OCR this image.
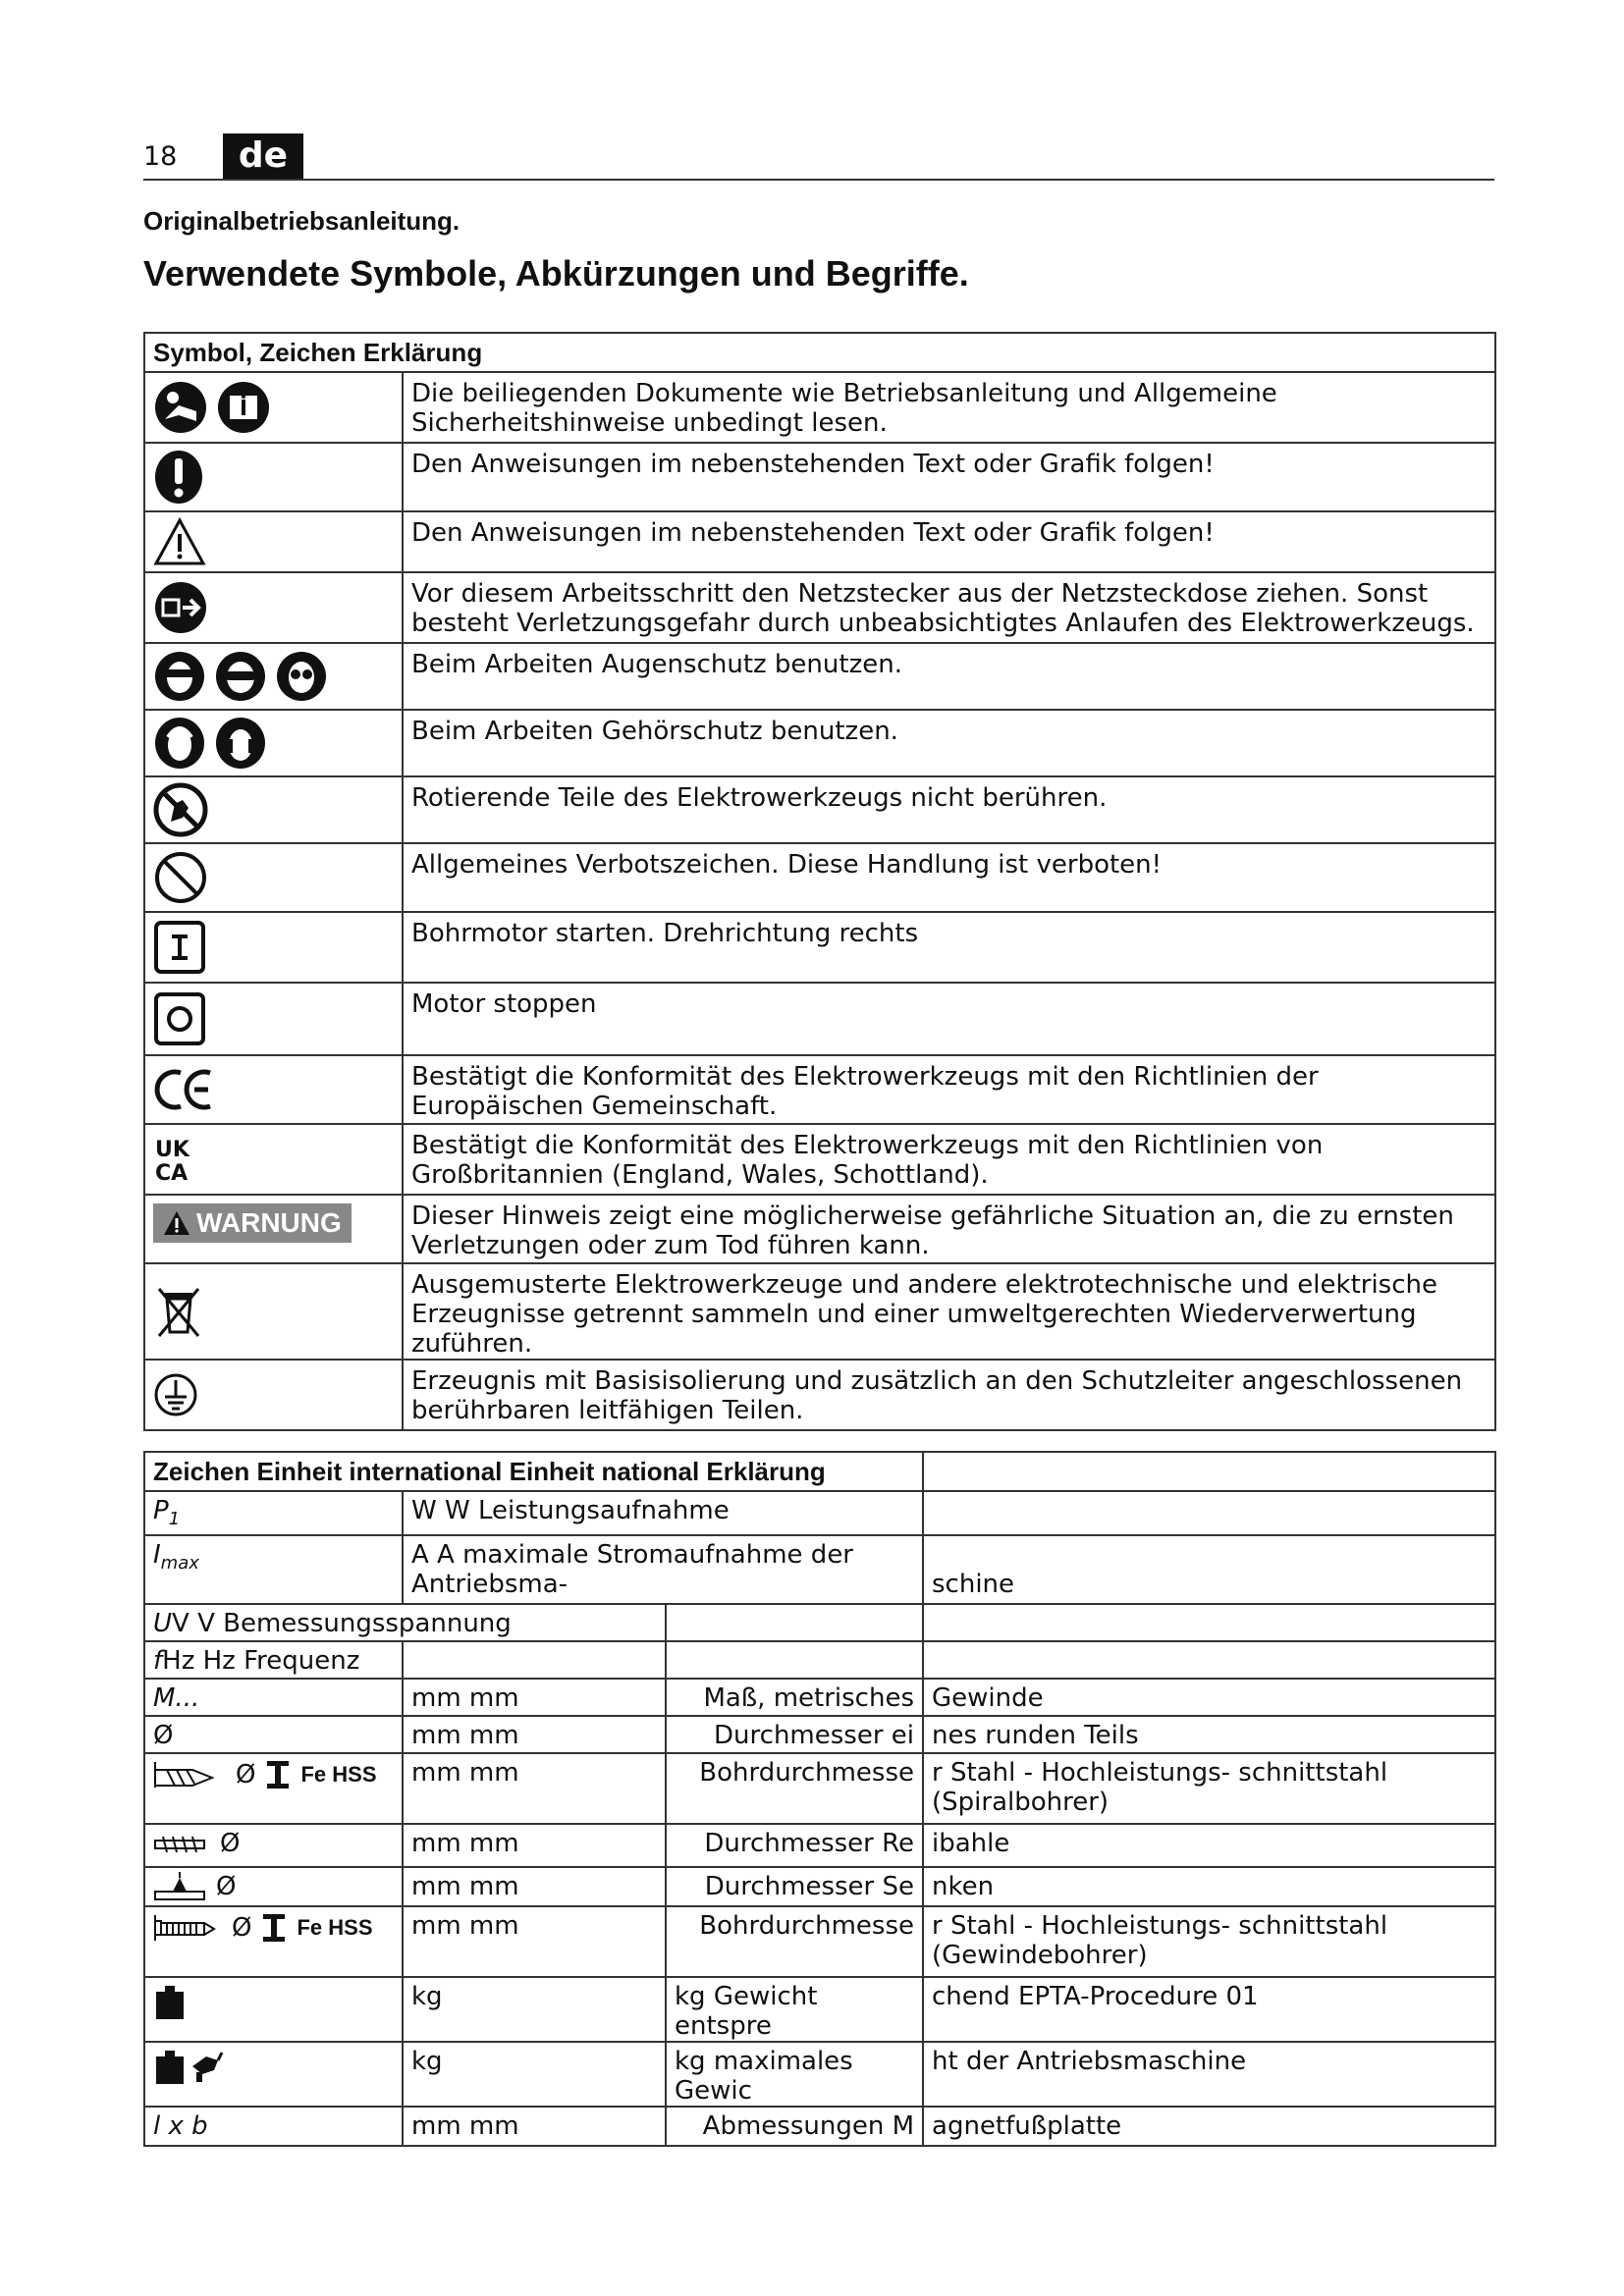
18	de
Originalbetriebsanleitung.
Verwendete Symbole, Abkürzungen und Begriffe.
Symbol, Zeichen Erklärung	

	Die beiliegenden Dokumente wie Betriebsanleitung und Allgemeine Sicherheitshinweise unbedingt lesen.

	Den Anweisungen im nebenstehenden Text oder Grafik folgen!

	Den Anweisungen im nebenstehenden Text oder Grafik folgen!

	Vor diesem Arbeitsschritt den Netzstecker aus der Netzsteckdose ziehen. Sonst besteht Verletzungsgefahr durch unbeabsichtigtes Anlaufen des Elektrowerkzeugs.

	Beim Arbeiten Augenschutz benutzen.

	Beim Arbeiten Gehörschutz benutzen.

	Rotierende Teile des Elektrowerkzeugs nicht berühren.

	Allgemeines Verbotszeichen. Diese Handlung ist verboten!

	Bohrmotor starten. Drehrichtung rechts

	Motor stoppen

	Bestätigt die Konformität des Elektrowerkzeugs mit den Richtlinien der Europäischen Gemeinschaft.

UK
CA	Bestätigt die Konformität des Elektrowerkzeugs mit den Richtlinien von Großbritannien (England, Wales, Schottland).

WARNUNG	Dieser Hinweis zeigt eine möglicherweise gefährliche Situation an, die zu ernsten Verletzungen oder zum Tod führen kann.

	Ausgemusterte Elektrowerkzeuge und andere elektrotechnische und elektrische Erzeugnisse getrennt sammeln und einer umweltgerechten Wiederverwertung zuführen.

	Erzeugnis mit Basisisolierung und zusätzlich an den Schutzleiter angeschlossenen berührbaren leitfähigen Teilen.
Zeichen Einheit international Einheit national Erklärung			
$P_1$	W W Leistungsaufnahme		
$I_{max}$	A A maximale Stromaufnahme der Antriebsma-		schine
UV V Bemessungsspannung			
fHz Hz Frequenz			
M...	mm mm	Maß, metrisches	Gewinde
Ø	mm mm	Durchmesser ei	nes runden Teils

Ø Fe HSS	mm mm	Bohrdurchmesse	r Stahl - Hochleistungs- schnittstahl (Spiralbohrer)

Ø	mm mm	Durchmesser Re	ibahle

Ø	mm mm	Durchmesser Se	nken

Ø Fe HSS	mm mm	Bohrdurchmesse	r Stahl - Hochleistungs- schnittstahl (Gewindebohrer)

	kg	kg Gewicht entspre	chend EPTA-Procedure 01

	kg	kg maximales Gewic	ht der Antriebsmaschine
l x b	mm mm	Abmessungen M	agnetfußplatte
